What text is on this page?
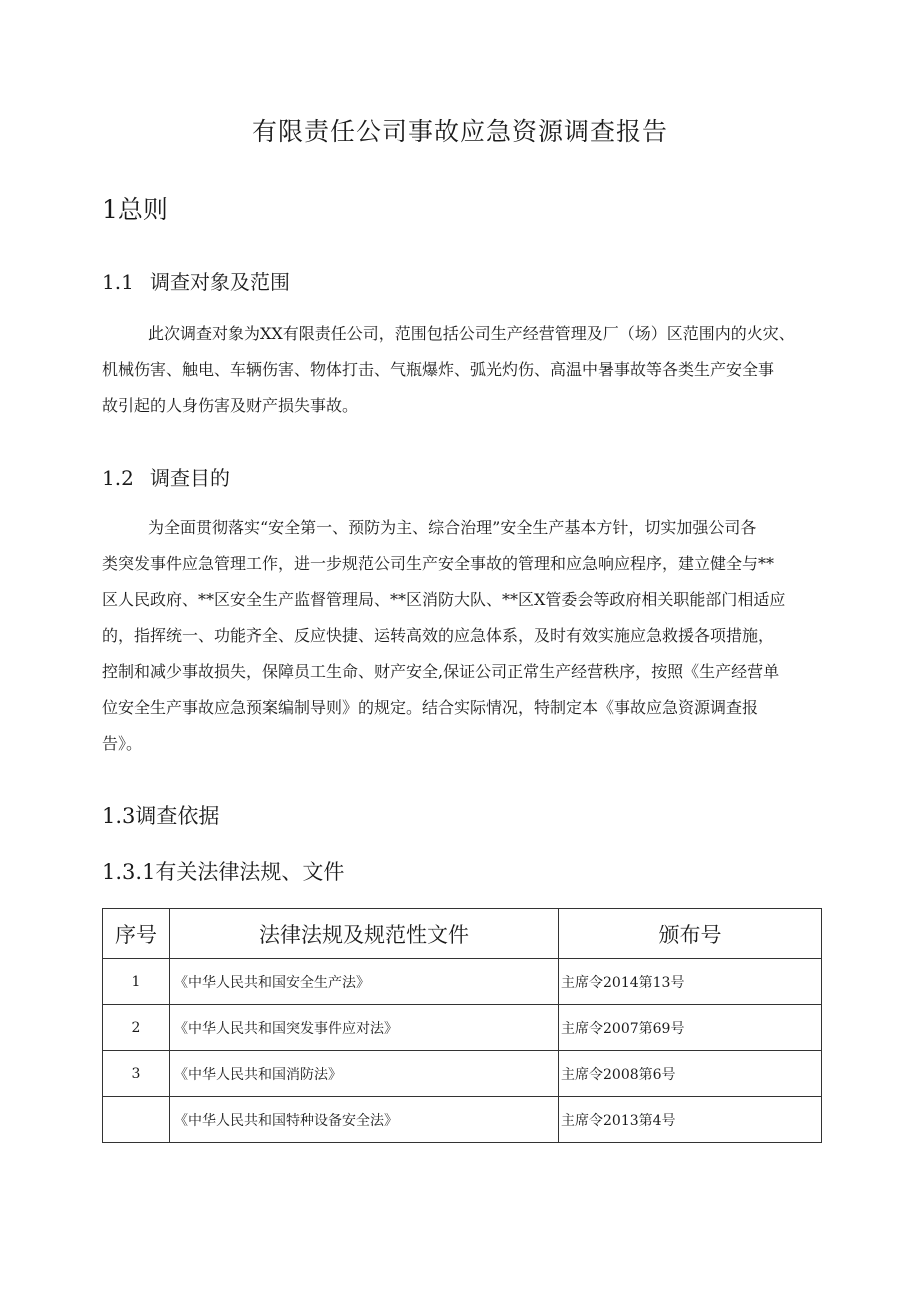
有限责任公司事故应急资源调查报告
1总则
1.1 调查对象及范围
此次调查对象为XX有限责任公司，范围包括公司生产经营管理及厂（场）区范围内的火灾、
机械伤害、触电、车辆伤害、物体打击、气瓶爆炸、弧光灼伤、高温中暑事故等各类生产安全事
故引起的人身伤害及财产损失事故。
1.2 调查目的
为全面贯彻落实“安全第一、预防为主、综合治理”安全生产基本方针，切实加强公司各
类突发事件应急管理工作，进一步规范公司生产安全事故的管理和应急响应程序，建立健全与**
区人民政府、**区安全生产监督管理局、**区消防大队、**区X管委会等政府相关职能部门相适应
的，指挥统一、功能齐全、反应快捷、运转高效的应急体系，及时有效实施应急救援各项措施，
控制和减少事故损失，保障员工生命、财产安全,保证公司正常生产经营秩序，按照《生产经营单
位安全生产事故应急预案编制导则》的规定。结合实际情况，特制定本《事故应急资源调查报
告》。
1.3调查依据
1.3.1有关法律法规、文件
序号	法律法规及规范性文件	颁布号
1	《中华人民共和国安全生产法》	主席令2014第13号
2	《中华人民共和国突发事件应对法》	主席令2007第69号
3	《中华人民共和国消防法》	主席令2008第6号
	《中华人民共和国特种设备安全法》	主席令2013第4号
